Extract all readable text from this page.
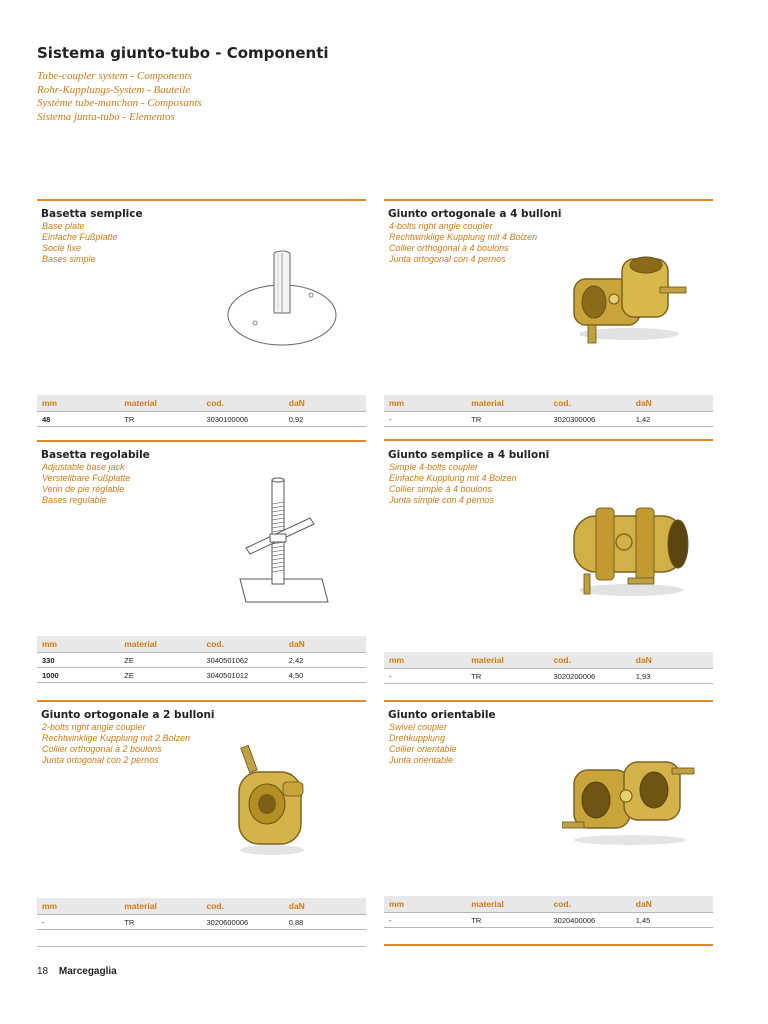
Sistema giunto-tubo - Componenti
Tube-coupler system - Components
Rohr-Kupplungs-System - Bauteile
Système tube-manchon - Composants
Sistema junta-tubo - Elementos
Basetta semplice
Base plate
Einfache Fußplatte
Socle fixe
Bases simple
mm	material	cod.	daN
48	TR	3030100006	0,92
Giunto ortogonale a 4 bulloni
4-bolts right angle coupler
Rechtwinklige Kupplung mit 4 Bolzen
Collier orthogonal à 4 boulons
Junta ortogonal con 4 pernos
mm	material	cod.	daN
-	TR	3020300006	1,42
Basetta regolabile
Adjustable base jack
Verstellbare Fußplatte
Verin de pie réglable
Bases regulable
mm	material	cod.	daN
330	ZE	3040501062	2,42
1000	ZE	3040501012	4,50
Giunto semplice a 4 bulloni
Simple 4-bolts coupler
Einfache Kupplung mit 4 Bolzen
Collier simple à 4 boulons
Junta simple con 4 pernos
mm	material	cod.	daN
-	TR	3020200006	1,93
Giunto ortogonale a 2 bulloni
2-bolts right angle coupler
Rechtwinklige Kupplung mit 2 Bolzen
Collier orthogonal à 2 boulons
Junta ortogonal con 2 pernos
mm	material	cod.	daN
-	TR	3020600006	0,88
Giunto orientabile
Swivel coupler
Drehkupplung
Collier orientable
Junta orientable
mm	material	cod.	daN
-	TR	3020400006	1,45
18 Marcegaglia
